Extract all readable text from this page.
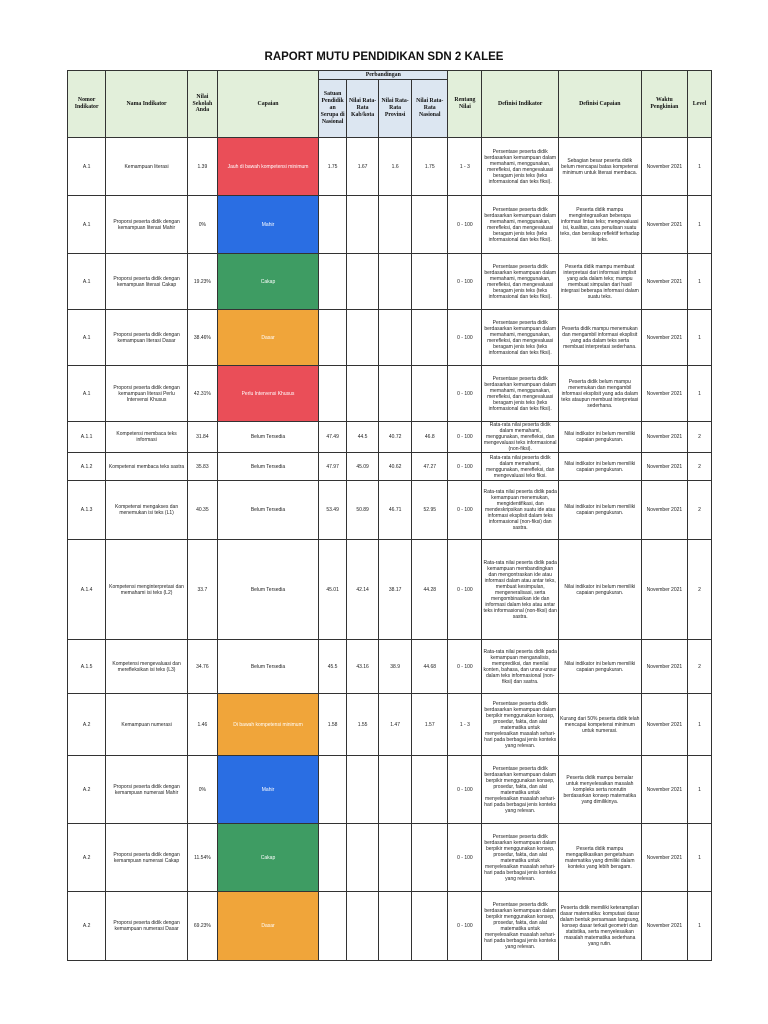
RAPORT MUTU PENDIDIKAN SDN 2 KALEE
Nomor Indikator	Nama Indikator	Nilai Sekolah Anda	Capaian	Perbandingan				Rentang Nilai	Definisi Indikator	Definisi Capaian	Waktu Pengkinian	Level
				Satuan Pendidikan Serupa di Nasional	Nilai Rata-Rata Kab/kota	Nilai Rata-Rata Provinsi	Nilai Rata-Rata Nasional					
A.1	Kemampuan literasi	1.39	Jauh di bawah kompetensi minimum	1.75	1.67	1.6	1.75	1 - 3	Persentase peserta didik berdasarkan kemampuan dalam memahami, menggunakan, merefleksi, dan mengevaluasi beragam jenis teks (teks informasional dan teks fiksi).	Sebagian besar peserta didik belum mencapai batas kompetensi minimum untuk literasi membaca.	November 2021	1
A.1	Proporsi peserta didik dengan kemampuan literasi Mahir	0%	Mahir					0 - 100	Persentase peserta didik berdasarkan kemampuan dalam memahami, menggunakan, merefleksi, dan mengevaluasi beragam jenis teks (teks informasional dan teks fiksi).	Peserta didik mampu mengintegrasikan beberapa informasi lintas teks; mengevaluasi isi, kualitas, cara penulisan suatu teks, dan bersikap reflektif terhadap isi teks.	November 2021	1
A.1	Proporsi peserta didik dengan kemampuan literasi Cakap	19.23%	Cakap					0 - 100	Persentase peserta didik berdasarkan kemampuan dalam memahami, menggunakan, merefleksi, dan mengevaluasi beragam jenis teks (teks informasional dan teks fiksi).	Peserta didik mampu membuat interpretasi dari informasi implisit yang ada dalam teks; mampu membuat simpulan dari hasil integrasi beberapa informasi dalam suatu teks.	November 2021	1
A.1	Proporsi peserta didik dengan kemampuan literasi Dasar	38.46%	Dasar					0 - 100	Persentase peserta didik berdasarkan kemampuan dalam memahami, menggunakan, merefleksi, dan mengevaluasi beragam jenis teks (teks informasional dan teks fiksi).	Peserta didik mampu menemukan dan mengambil informasi eksplisit yang ada dalam teks serta membuat interpretasi sederhana.	November 2021	1
A.1	Proporsi peserta didik dengan kemampuan literasi Perlu Intervensi Khusus	42.31%	Perlu Intervensi Khusus					0 - 100	Persentase peserta didik berdasarkan kemampuan dalam memahami, menggunakan, merefleksi, dan mengevaluasi beragam jenis teks (teks informasional dan teks fiksi).	Peserta didik belum mampu menemukan dan mengambil informasi eksplisit yang ada dalam teks ataupun membuat interpretasi sederhana.	November 2021	1
A.1.1	Kompetensi membaca teks informasi	31.84	Belum Tersedia	47.49	44.5	40.72	46.8	0 - 100	Rata-rata nilai peserta didik dalam memahami, menggunakan, merefleksi, dan mengevaluasi teks informasional (non-fiksi).	Nilai indikator ini belum memiliki capaian pengukuran.	November 2021	2
A.1.2	Kompetensi membaca teks sastra	35.83	Belum Tersedia	47.97	45.09	40.62	47.27	0 - 100	Rata-rata nilai peserta didik dalam memahami, menggunakan, merefleksi, dan mengevaluasi teks fiksi.	Nilai indikator ini belum memiliki capaian pengukuran.	November 2021	2
A.1.3	Kompetensi mengakses dan menemukan isi teks (L1)	40.35	Belum Tersedia	53.49	50.89	46.71	52.95	0 - 100	Rata-rata nilai peserta didik pada kemampuan menemukan, mengidentifikasi, dan mendeskripsikan suatu ide atau informasi eksplisit dalam teks informasional (non-fiksi) dan sastra.	Nilai indikator ini belum memiliki capaian pengukuran.	November 2021	2
A.1.4	Kompetensi menginterpretasi dan memahami isi teks (L2)	33.7	Belum Tersedia	45.01	42.14	38.17	44.28	0 - 100	Rata-rata nilai peserta didik pada kemampuan membandingkan dan mengontraskan ide atau informasi dalam atau antar teks, membuat kesimpulan, mengeneralisasi, serta mengombinasikan ide dan informasi dalam teks atau antar teks informasional (non-fiksi) dan sastra.	Nilai indikator ini belum memiliki capaian pengukuran.	November 2021	2
A.1.5	Kompetensi mengevaluasi dan merefleksikan isi teks (L3)	34.76	Belum Tersedia	45.5	43.16	38.9	44.68	0 - 100	Rata-rata nilai peserta didik pada kemampuan menganalisis, memprediksi, dan menilai konten, bahasa, dan unsur-unsur dalam teks informasional (non-fiksi) dan sastra.	Nilai indikator ini belum memiliki capaian pengukuran.	November 2021	2
A.2	Kemampuan numerasi	1.46	Di bawah kompetensi minimum	1.58	1.55	1.47	1.57	1 - 3	Persentase peserta didik berdasarkan kemampuan dalam berpikir menggunakan konsep, prosedur, fakta, dan alat matematika untuk menyelesaikan masalah sehari-hari pada berbagai jenis konteks yang relevan.	Kurang dari 50% peserta didik telah mencapai kompetensi minimum untuk numerasi.	November 2021	1
A.2	Proporsi peserta didik dengan kemampuan numerasi Mahir	0%	Mahir					0 - 100	Persentase peserta didik berdasarkan kemampuan dalam berpikir menggunakan konsep, prosedur, fakta, dan alat matematika untuk menyelesaikan masalah sehari-hari pada berbagai jenis konteks yang relevan.	Peserta didik mampu bernalar untuk menyelesaikan masalah kompleks serta nonrutin berdasarkan konsep matematika yang dimilikinya.	November 2021	1
A.2	Proporsi peserta didik dengan kemampuan numerasi Cakap	11.54%	Cakap					0 - 100	Persentase peserta didik berdasarkan kemampuan dalam berpikir menggunakan konsep, prosedur, fakta, dan alat matematika untuk menyelesaikan masalah sehari-hari pada berbagai jenis konteks yang relevan.	Peserta didik mampu mengaplikasikan pengetahuan matematika yang dimiliki dalam konteks yang lebih beragam.	November 2021	1
A.2	Proporsi peserta didik dengan kemampuan numerasi Dasar	69.23%	Dasar					0 - 100	Persentase peserta didik berdasarkan kemampuan dalam berpikir menggunakan konsep, prosedur, fakta, dan alat matematika untuk menyelesaikan masalah sehari-hari pada berbagai jenis konteks yang relevan.	Peserta didik memiliki keterampilan dasar matematika: komputasi dasar dalam bentuk persamaan langsung, konsep dasar terkait geometri dan statistika, serta menyelesaikan masalah matematika sederhana yang rutin.	November 2021	1
